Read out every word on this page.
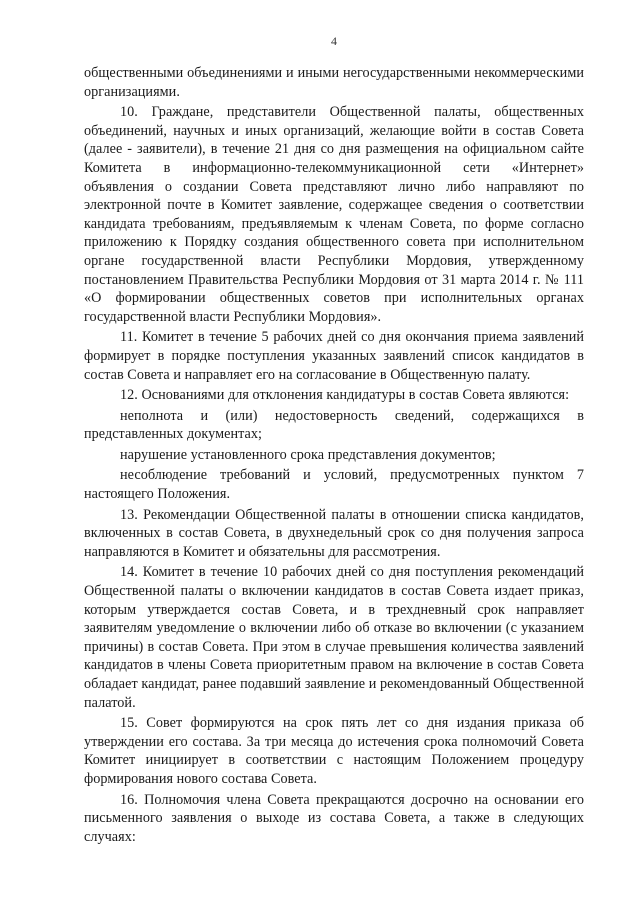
4

общественными объединениями и иными негосударственными некоммерческими организациями.

10. Граждане, представители Общественной палаты, общественных объединений, научных и иных организаций, желающие войти в состав Совета (далее - заявители), в течение 21 дня со дня размещения на официальном сайте Комитета в информационно-телекоммуникационной сети «Интернет» объявления о создании Совета представляют лично либо направляют по электронной почте в Комитет заявление, содержащее сведения о соответствии кандидата требованиям, предъявляемым к членам Совета, по форме согласно приложению к Порядку создания общественного совета при исполнительном органе государственной власти Республики Мордовия, утвержденному постановлением Правительства Республики Мордовия от 31 марта 2014 г. № 111 «О формировании общественных советов при исполнительных органах государственной власти Республики Мордовия».

11. Комитет в течение 5 рабочих дней со дня окончания приема заявлений формирует в порядке поступления указанных заявлений список кандидатов в состав Совета и направляет его на согласование в Общественную палату.

12. Основаниями для отклонения кандидатуры в состав Совета являются:

неполнота и (или) недостоверность сведений, содержащихся в представленных документах;

нарушение установленного срока представления документов;

несоблюдение требований и условий, предусмотренных пунктом 7 настоящего Положения.

13. Рекомендации Общественной палаты в отношении списка кандидатов, включенных в состав Совета, в двухнедельный срок со дня получения запроса направляются в Комитет и обязательны для рассмотрения.

14. Комитет в течение 10 рабочих дней со дня поступления рекомендаций Общественной палаты о включении кандидатов в состав Совета издает приказ, которым утверждается состав Совета, и в трехдневный срок направляет заявителям уведомление о включении либо об отказе во включении (с указанием причины) в состав Совета. При этом в случае превышения количества заявлений кандидатов в члены Совета приоритетным правом на включение в состав Совета обладает кандидат, ранее подавший заявление и рекомендованный Общественной палатой.

15. Совет формируются на срок пять лет со дня издания приказа об утверждении его состава. За три месяца до истечения срока полномочий Совета Комитет инициирует в соответствии с настоящим Положением процедуру формирования нового состава Совета.

16. Полномочия члена Совета прекращаются досрочно на основании его письменного заявления о выходе из состава Совета, а также в следующих случаях:
